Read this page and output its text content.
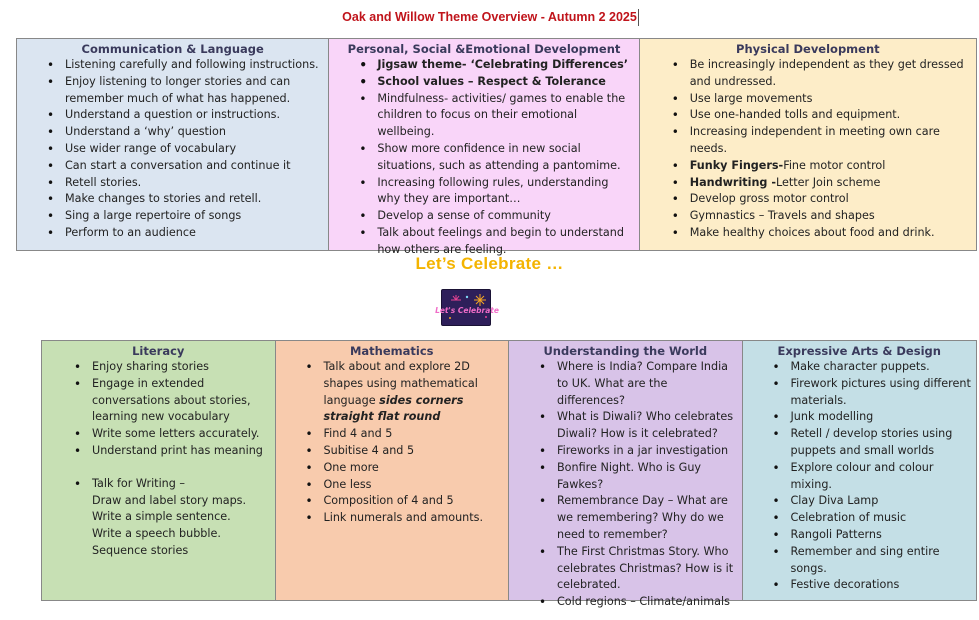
Oak and Willow Theme Overview - Autumn 2 2025
Communication & Language
• Listening carefully and following instructions.
• Enjoy listening to longer stories and can remember much of what has happened.
• Understand a question or instructions.
• Understand a ‘why’ question
• Use wider range of vocabulary
• Can start a conversation and continue it
• Retell stories.
• Make changes to stories and retell.
• Sing a large repertoire of songs
• Perform to an audience
Personal, Social &Emotional Development
• Jigsaw theme- ‘Celebrating Differences’
• School values – Respect & Tolerance
• Mindfulness- activities/ games to enable the children to focus on their emotional wellbeing.
• Show more confidence in new social situations, such as attending a pantomime.
• Increasing following rules, understanding why they are important…
• Develop a sense of community
• Talk about feelings and begin to understand how others are feeling.
Physical Development
• Be increasingly independent as they get dressed and undressed.
• Use large movements
• Use one-handed tolls and equipment.
• Increasing independent in meeting own care needs.
• Funky Fingers-Fine motor control
• Handwriting -Letter Join scheme
• Develop gross motor control
• Gymnastics – Travels and shapes
• Make healthy choices about food and drink.
Let’s Celebrate …
Let's Celebrate
Literacy
• Enjoy sharing stories
• Engage in extended conversations about stories, learning new vocabulary
• Write some letters accurately.
• Understand print has meaning
• Talk for Writing –
Draw and label story maps.
Write a simple sentence.
Write a speech bubble.
Sequence stories
Mathematics
• Talk about and explore 2D shapes using mathematical language sides corners straight flat round
• Find 4 and 5
• Subitise 4 and 5
• One more
• One less
• Composition of 4 and 5
• Link numerals and amounts.
Understanding the World
• Where is India? Compare India to UK. What are the differences?
• What is Diwali? Who celebrates Diwali? How is it celebrated?
• Fireworks in a jar investigation
• Bonfire Night. Who is Guy Fawkes?
• Remembrance Day – What are we remembering? Why do we need to remember?
• The First Christmas Story. Who celebrates Christmas? How is it celebrated.
• Cold regions – Climate/animals
Expressive Arts & Design
• Make character puppets.
• Firework pictures using different materials.
• Junk modelling
• Retell / develop stories using puppets and small worlds
• Explore colour and colour mixing.
• Clay Diva Lamp
• Celebration of music
• Rangoli Patterns
• Remember and sing entire songs.
• Festive decorations
